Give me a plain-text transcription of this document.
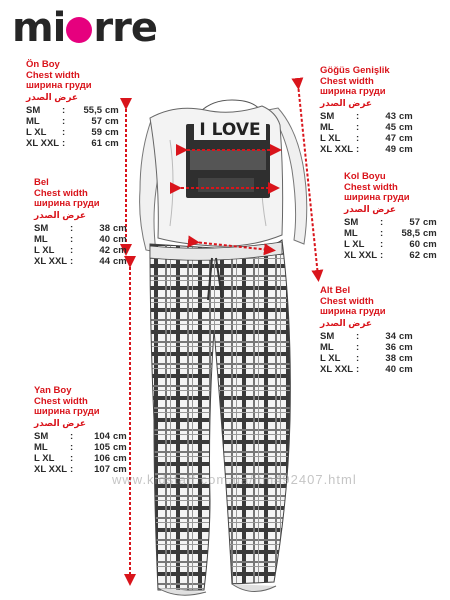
mi rre
I LOVE
Ön Boy
Chest width
ширина груди
عرض الصدر
SM	:	55,5 cm
ML	:	57 cm
L XL	:	59 cm
XL XXL :	61 cm
Bel
Chest width
ширина груди
عرض الصدر
SM	:	38 cm
ML	:	40 cm
L XL	:	42 cm
XL XXL :	44 cm
Yan Boy
Chest width
ширина груди
عرض الصدر
SM	:	104 cm
ML	:	105 cm
L XL	:	106 cm
XL XXL :	107 cm
Göğüs Genişlik
Chest width
ширина груди
عرض الصدر
SM	:	43 cm
ML	:	45 cm
L XL	:	47 cm
XL XXL :	49 cm
Kol Boyu
Chest width
ширина груди
عرض الصدر
SM	:	57 cm
ML	:	58,5 cm
L XL	:	60 cm
XL XXL :	62 cm
Alt Bel
Chest width
ширина груди
عرض الصدر
SM	:	34 cm
ML	:	36 cm
L XL	:	38 cm
XL XXL :	40 cm
www.kidstaff.com.ua/itm492407.html
